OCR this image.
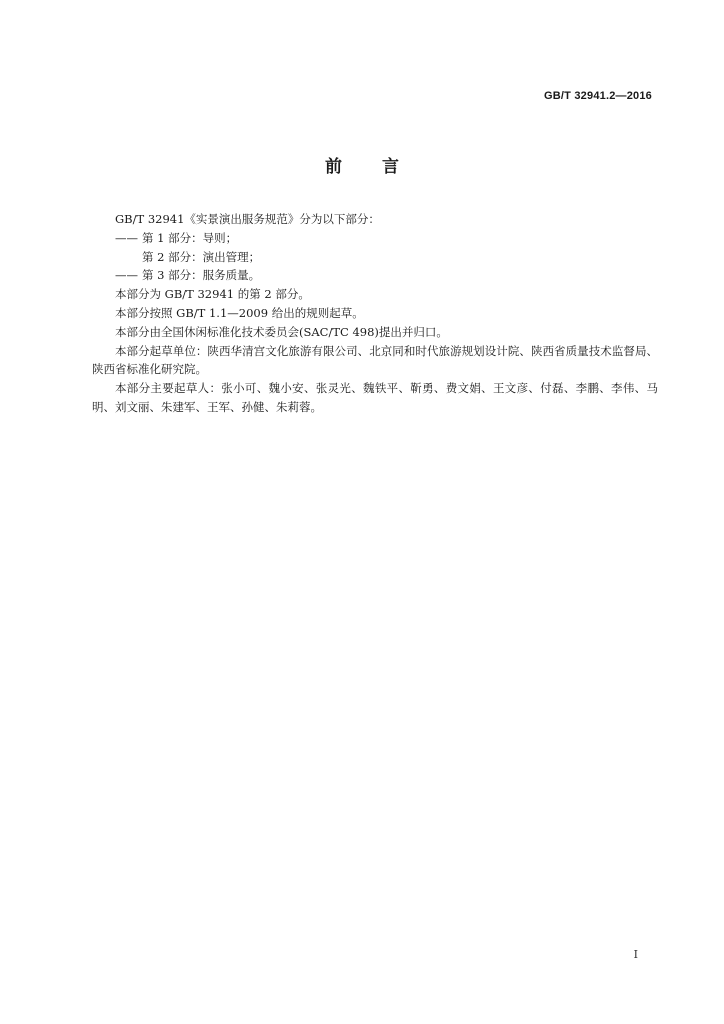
GB/T 32941.2—2016
前言

GB/T 32941《实景演出服务规范》分为以下部分：

—— 第 1 部分：导则；

第 2 部分：演出管理；

—— 第 3 部分：服务质量。

本部分为 GB/T 32941 的第 2 部分。

本部分按照 GB/T 1.1—2009 给出的规则起草。

本部分由全国休闲标准化技术委员会(SAC/TC 498)提出并归口。

本部分起草单位：陕西华清宫文化旅游有限公司、北京同和时代旅游规划设计院、陕西省质量技术监督局、陕西省标准化研究院。

本部分主要起草人：张小可、魏小安、张灵光、魏铁平、靳勇、费文娟、王文彦、付磊、李鹏、李伟、马明、刘文丽、朱建军、王军、孙健、朱莉蓉。

I
